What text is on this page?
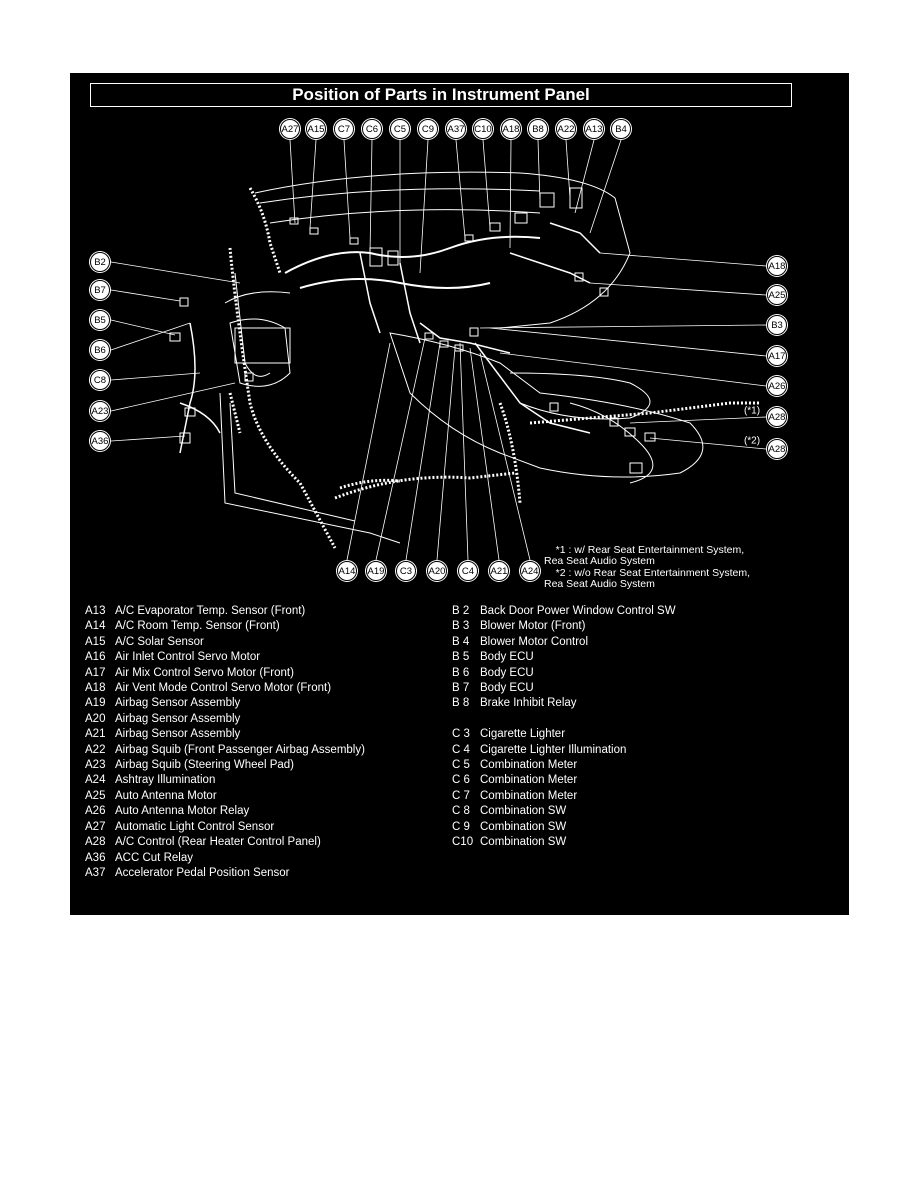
Position of Parts in Instrument Panel
A27 A15 C7 C6 C5 C9 A37 C10 A18 B8 A22 A13 B4
B2
B7
B5
B6
C8
A23
A36
A18
A25
B3
A17
A26
A28
A28
A14 A19 C3 A20 C4 A21 A24
(*1)
(*2)

*1 : w/ Rear Seat Entertainment System,
Rea Seat Audio System

*2 : w/o Rear Seat Entertainment System,
Rea Seat Audio System

A13 A/C Evaporator Temp. Sensor (Front)
A14 A/C Room Temp. Sensor (Front)
A15 A/C Solar Sensor
A16 Air Inlet Control Servo Motor
A17 Air Mix Control Servo Motor (Front)
A18 Air Vent Mode Control Servo Motor (Front)
A19 Airbag Sensor Assembly
A20 Airbag Sensor Assembly
A21 Airbag Sensor Assembly
A22 Airbag Squib (Front Passenger Airbag Assembly)
A23 Airbag Squib (Steering Wheel Pad)
A24 Ashtray Illumination
A25 Auto Antenna Motor
A26 Auto Antenna Motor Relay
A27 Automatic Light Control Sensor
A28 A/C Control (Rear Heater Control Panel)
A36 ACC Cut Relay
A37 Accelerator Pedal Position Sensor
B 2 Back Door Power Window Control SW
B 3 Blower Motor (Front)
B 4 Blower Motor Control
B 5 Body ECU
B 6 Body ECU
B 7 Body ECU
B 8 Brake Inhibit Relay
C 3 Cigarette Lighter
C 4 Cigarette Lighter Illumination
C 5 Combination Meter
C 6 Combination Meter
C 7 Combination Meter
C 8 Combination SW
C 9 Combination SW
C10 Combination SW
